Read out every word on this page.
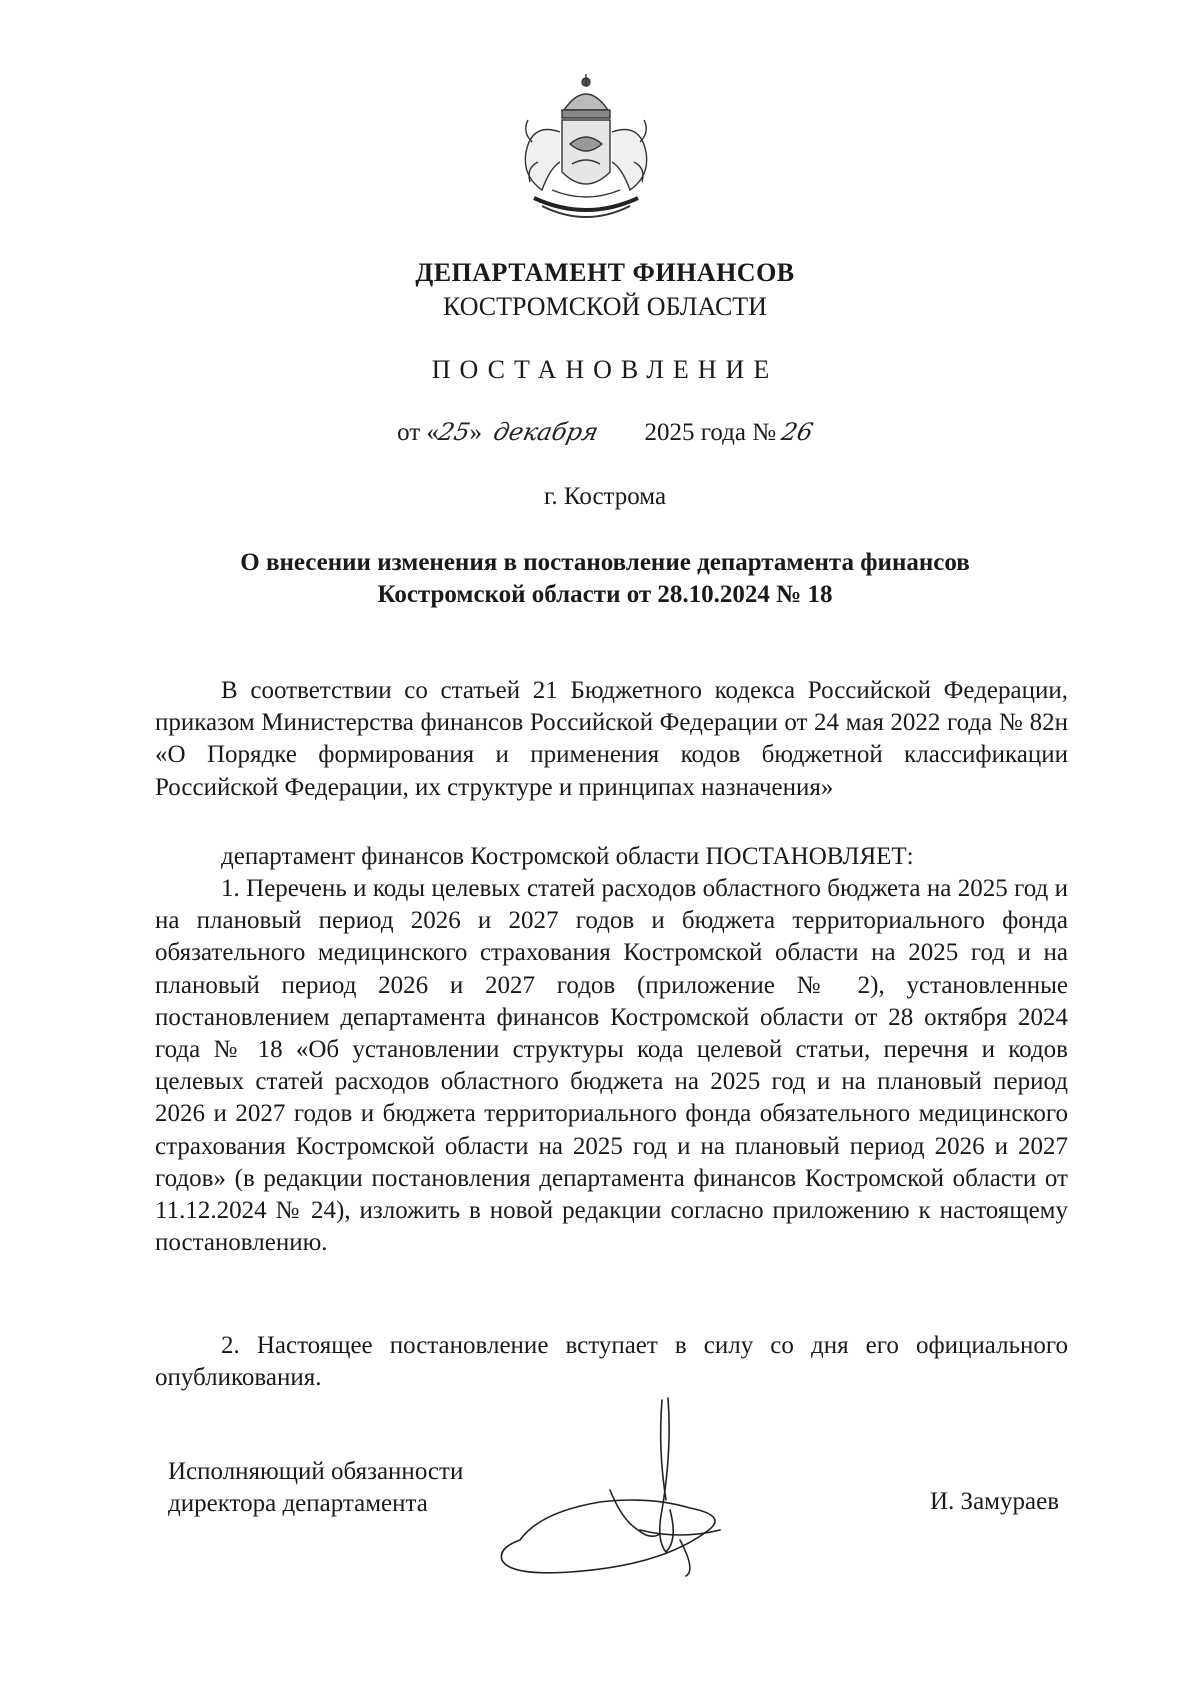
ДЕПАРТАМЕНТ ФИНАНСОВ
КОСТРОМСКОЙ ОБЛАСТИ
ПОСТАНОВЛЕНИЕ
от «25» декабря 2025 года № 26
г. Кострома
О внесении изменения в постановление департамента финансов
Костромской области от 28.10.2024 № 18
В соответствии со статьей 21 Бюджетного кодекса Российской Федерации, приказом Министерства финансов Российской Федерации от 24 мая 2022 года № 82н «О Порядке формирования и применения кодов бюджетной классификации Российской Федерации, их структуре и принципах назначения»
департамент финансов Костромской области ПОСТАНОВЛЯЕТ:
1. Перечень и коды целевых статей расходов областного бюджета на 2025 год и на плановый период 2026 и 2027 годов и бюджета территориального фонда обязательного медицинского страхования Костромской области на 2025 год и на плановый период 2026 и 2027 годов (приложение № 2), установленные постановлением департамента финансов Костромской области от 28 октября 2024 года № 18 «Об установлении структуры кода целевой статьи, перечня и кодов целевых статей расходов областного бюджета на 2025 год и на плановый период 2026 и 2027 годов и бюджета территориального фонда обязательного медицинского страхования Костромской области на 2025 год и на плановый период 2026 и 2027 годов» (в редакции постановления департамента финансов Костромской области от 11.12.2024 № 24), изложить в новой редакции согласно приложению к настоящему постановлению.
2. Настоящее постановление вступает в силу со дня его официального опубликования.
Исполняющий обязанности
директора департамента	И. Замураев
